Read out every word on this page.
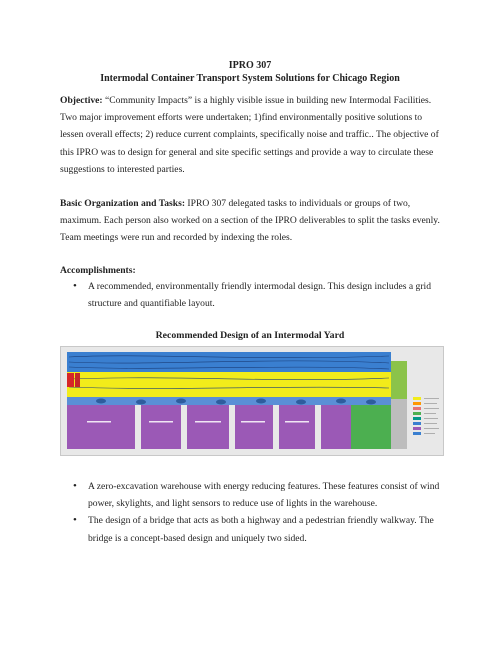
IPRO 307
Intermodal Container Transport System Solutions for Chicago Region
Objective: “Community Impacts” is a highly visible issue in building new Intermodal Facilities. Two major improvement efforts were undertaken; 1)find environmentally positive solutions to lessen overall effects; 2) reduce current complaints, specifically noise and traffic.. The objective of this IPRO was to design for general and site specific settings and provide a way to circulate these suggestions to interested parties.
Basic Organization and Tasks: IPRO 307 delegated tasks to individuals or groups of two, maximum. Each person also worked on a section of the IPRO deliverables to split the tasks evenly. Team meetings were run and recorded by indexing the roles.
Accomplishments:
• A recommended, environmentally friendly intermodal design. This design includes a grid structure and quantifiable layout.
Recommended Design of an Intermodal Yard
• A zero-excavation warehouse with energy reducing features. These features consist of wind power, skylights, and light sensors to reduce use of lights in the warehouse.
• The design of a bridge that acts as both a highway and a pedestrian friendly walkway. The bridge is a concept-based design and uniquely two sided.
